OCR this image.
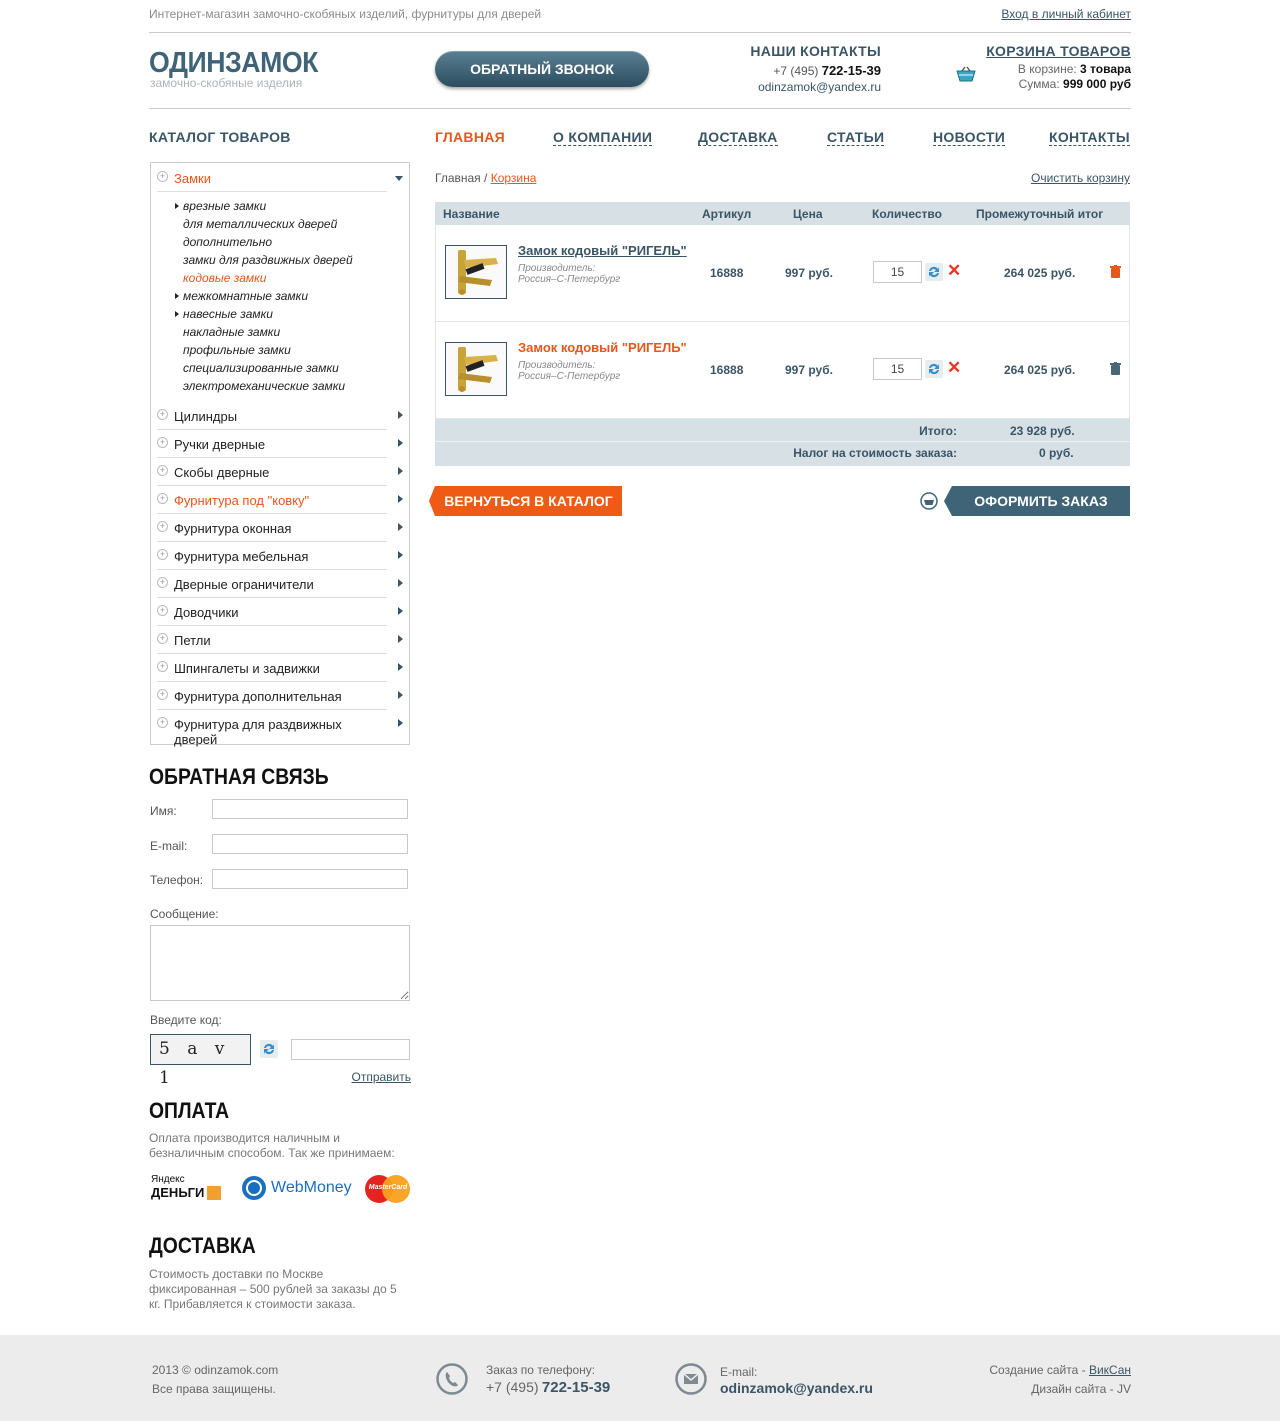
Интернет-магазин замочно-скобяных изделий, фурнитуры для дверей	Вход в личный кабинет
ОДИНЗАМОК
замочно-скобяные изделия
ОБРАТНЫЙ ЗВОНОК
НАШИ КОНТАКТЫ
+7 (495) 722-15-39
odinzamok@yandex.ru
КОРЗИНА ТОВАРОВ
В корзине: 3 товара
Сумма: 999 000 руб
ГЛАВНАЯ	О КОМПАНИИ	ДОСТАВКА	СТАТЬИ	НОВОСТИ	КОНТАКТЫ
КАТАЛОГ ТОВАРОВ
+ Замки
врезные замки
для металлических дверей
дополнительно
замки для раздвижных дверей
кодовые замки
межкомнатные замки
навесные замки
накладные замки
профильные замки
специализированные замки
электромеханические замки
+ Цилиндры
+ Ручки дверные
+ Скобы дверные
+ Фурнитура под "ковку"
+ Фурнитура оконная
+ Фурнитура мебельная
+ Дверные ограничители
+ Доводчики
+ Петли
+ Шпингалеты и задвижки
+ Фурнитура дополнительная
+ Фурнитура для раздвижных дверей
ОБРАТНАЯ СВЯЗЬ
Имя:
E-mail:
Телефон:
Сообщение:
Введите код:
5 a v 1	Отправить
ОПЛАТА
Оплата производится наличным и безналичным способом. Так же принимаем:
Яндекс
ДЕНЬГИ	WebMoney	MasterCard
ДОСТАВКА
Стоимость доставки по Москве фиксированная – 500 рублей за заказы до 5 кг. Прибавляется к стоимости заказа.
Главная / Корзина	Очистить корзину
Название	Артикул	Цена	Количество	Промежуточный итог
Замок кодовый "РИГЕЛЬ"
Производитель:
Россия–С-Петербург	16888	997 руб.	15	✕	264 025 руб.
Замок кодовый "РИГЕЛЬ"
Производитель:
Россия–С-Петербург	16888	997 руб.	15	✕	264 025 руб.
Итого:	23 928 руб.
Налог на стоимость заказа:	0 руб.
ВЕРНУТЬСЯ В КАТАЛОГ	ОФОРМИТЬ ЗАКАЗ
2013 © odinzamok.com
Все права защищены.
Заказ по телефону:
+7 (495) 722-15-39
E-mail:
odinzamok@yandex.ru
Создание сайта - ВикСан
Дизайн сайта - JV
